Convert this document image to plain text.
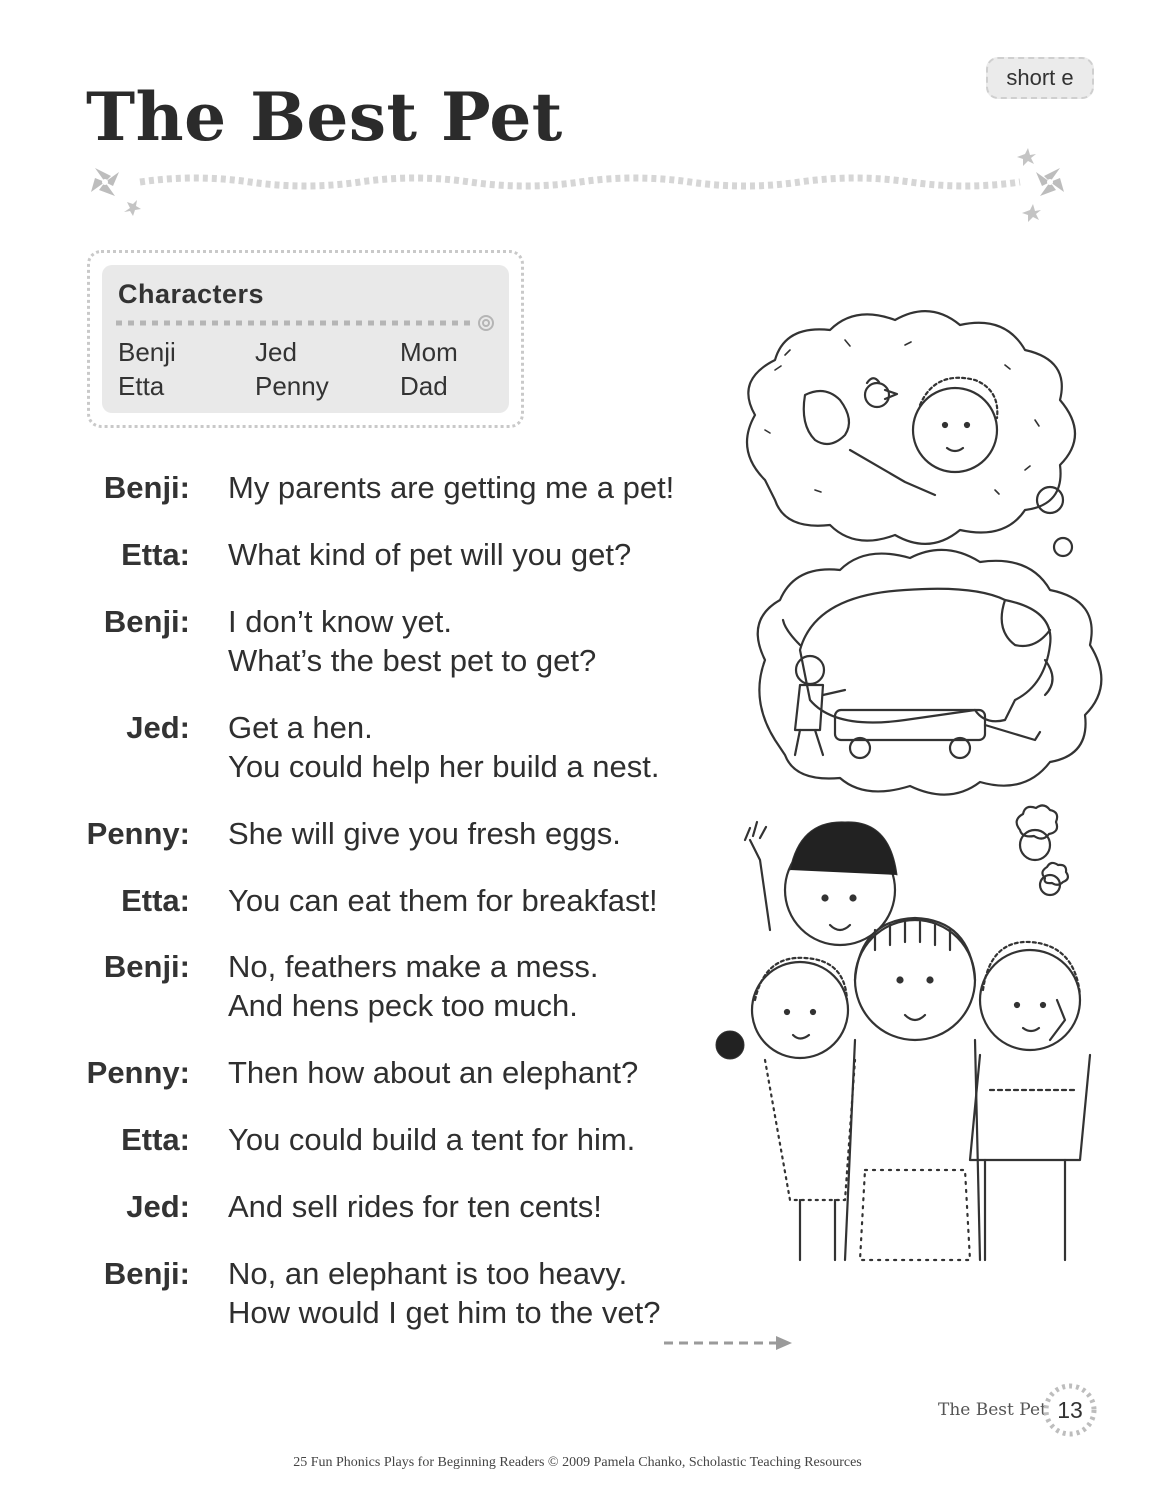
short e
The Best Pet
Characters
Benji	Jed	Mom
Etta	Penny	Dad
Benji: My parents are getting me a pet!
Etta: What kind of pet will you get?
Benji: I don’t know yet.
What’s the best pet to get?
Jed: Get a hen.
You could help her build a nest.
Penny: She will give you fresh eggs.
Etta: You can eat them for breakfast!
Benji: No, feathers make a mess.
And hens peck too much.
Penny: Then how about an elephant?
Etta: You could build a tent for him.
Jed: And sell rides for ten cents!
Benji: No, an elephant is too heavy.
How would I get him to the vet?
The Best Pet 13
25 Fun Phonics Plays for Beginning Readers © 2009 Pamela Chanko, Scholastic Teaching Resources
